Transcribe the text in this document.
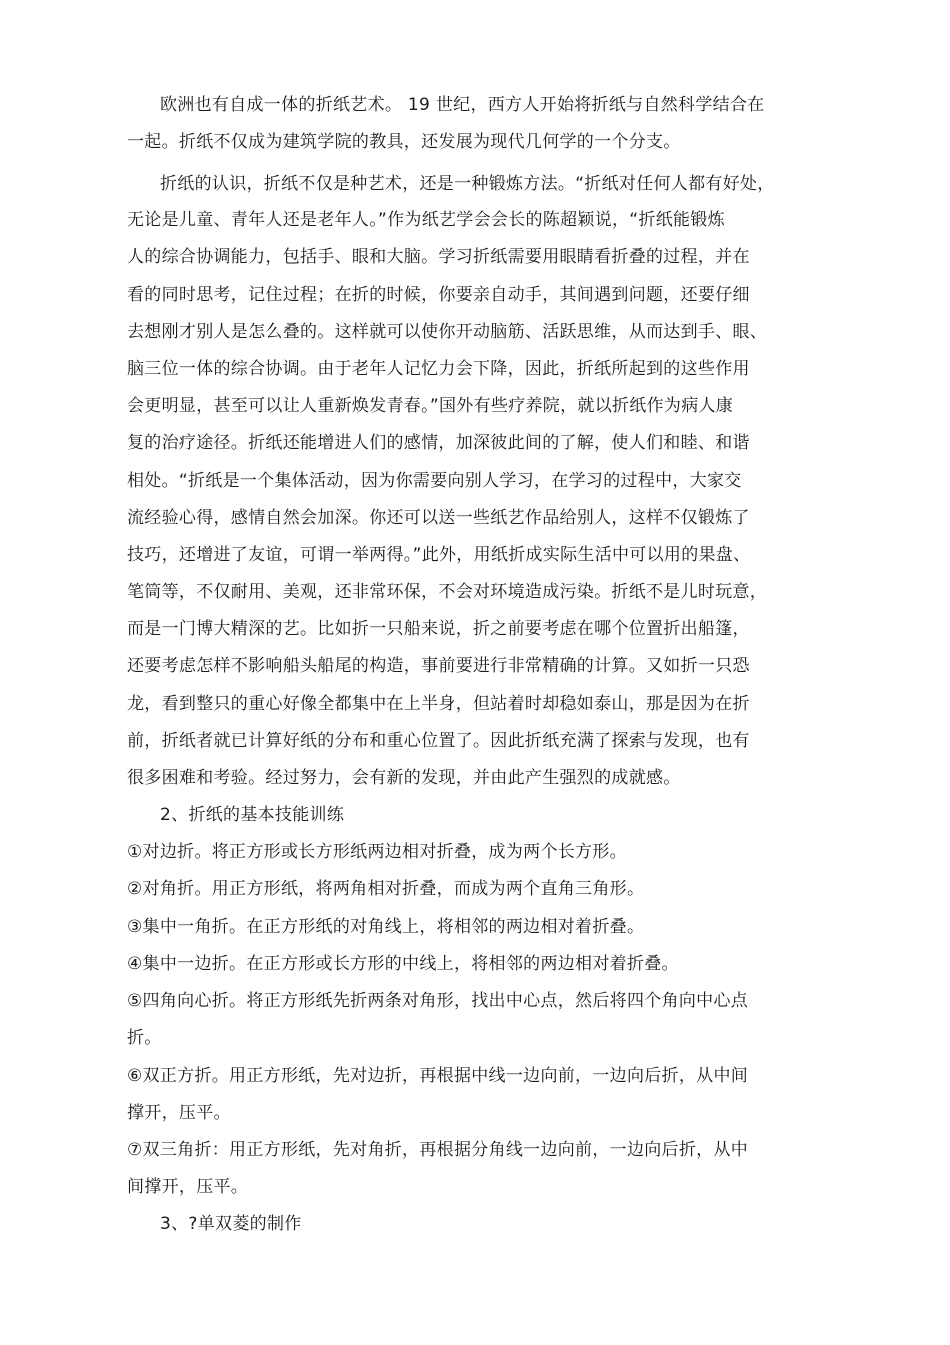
欧洲也有自成一体的折纸艺术。 19 世纪，西方人开始将折纸与自然科学结合在
一起。折纸不仅成为建筑学院的教具，还发展为现代几何学的一个分支。
折纸的认识，折纸不仅是种艺术，还是一种锻炼方法。“折纸对任何人都有好处，
无论是儿童、青年人还是老年人。”作为纸艺学会会长的陈超颖说，“折纸能锻炼
人的综合协调能力，包括手、眼和大脑。学习折纸需要用眼睛看折叠的过程，并在
看的同时思考，记住过程；在折的时候，你要亲自动手，其间遇到问题，还要仔细
去想刚才别人是怎么叠的。这样就可以使你开动脑筋、活跃思维，从而达到手、眼、
脑三位一体的综合协调。由于老年人记忆力会下降，因此，折纸所起到的这些作用
会更明显，甚至可以让人重新焕发青春。”国外有些疗养院，就以折纸作为病人康
复的治疗途径。折纸还能增进人们的感情，加深彼此间的了解，使人们和睦、和谐
相处。“折纸是一个集体活动，因为你需要向别人学习，在学习的过程中，大家交
流经验心得，感情自然会加深。你还可以送一些纸艺作品给别人，这样不仅锻炼了
技巧，还增进了友谊，可谓一举两得。”此外，用纸折成实际生活中可以用的果盘、
笔筒等，不仅耐用、美观，还非常环保，不会对环境造成污染。折纸不是儿时玩意，
而是一门博大精深的艺。比如折一只船来说，折之前要考虑在哪个位置折出船篷，
还要考虑怎样不影响船头船尾的构造，事前要进行非常精确的计算。又如折一只恐
龙，看到整只的重心好像全都集中在上半身，但站着时却稳如泰山，那是因为在折
前，折纸者就已计算好纸的分布和重心位置了。因此折纸充满了探索与发现，也有
很多困难和考验。经过努力，会有新的发现，并由此产生强烈的成就感。
2、折纸的基本技能训练
①对边折。将正方形或长方形纸两边相对折叠，成为两个长方形。
②对角折。用正方形纸，将两角相对折叠，而成为两个直角三角形。
③集中一角折。在正方形纸的对角线上，将相邻的两边相对着折叠。
④集中一边折。在正方形或长方形的中线上，将相邻的两边相对着折叠。
⑤四角向心折。将正方形纸先折两条对角形，找出中心点，然后将四个角向中心点
折。
⑥双正方折。用正方形纸，先对边折，再根据中线一边向前，一边向后折，从中间
撑开，压平。
⑦双三角折：用正方形纸，先对角折，再根据分角线一边向前，一边向后折，从中
间撑开，压平。
3、?单双菱的制作
